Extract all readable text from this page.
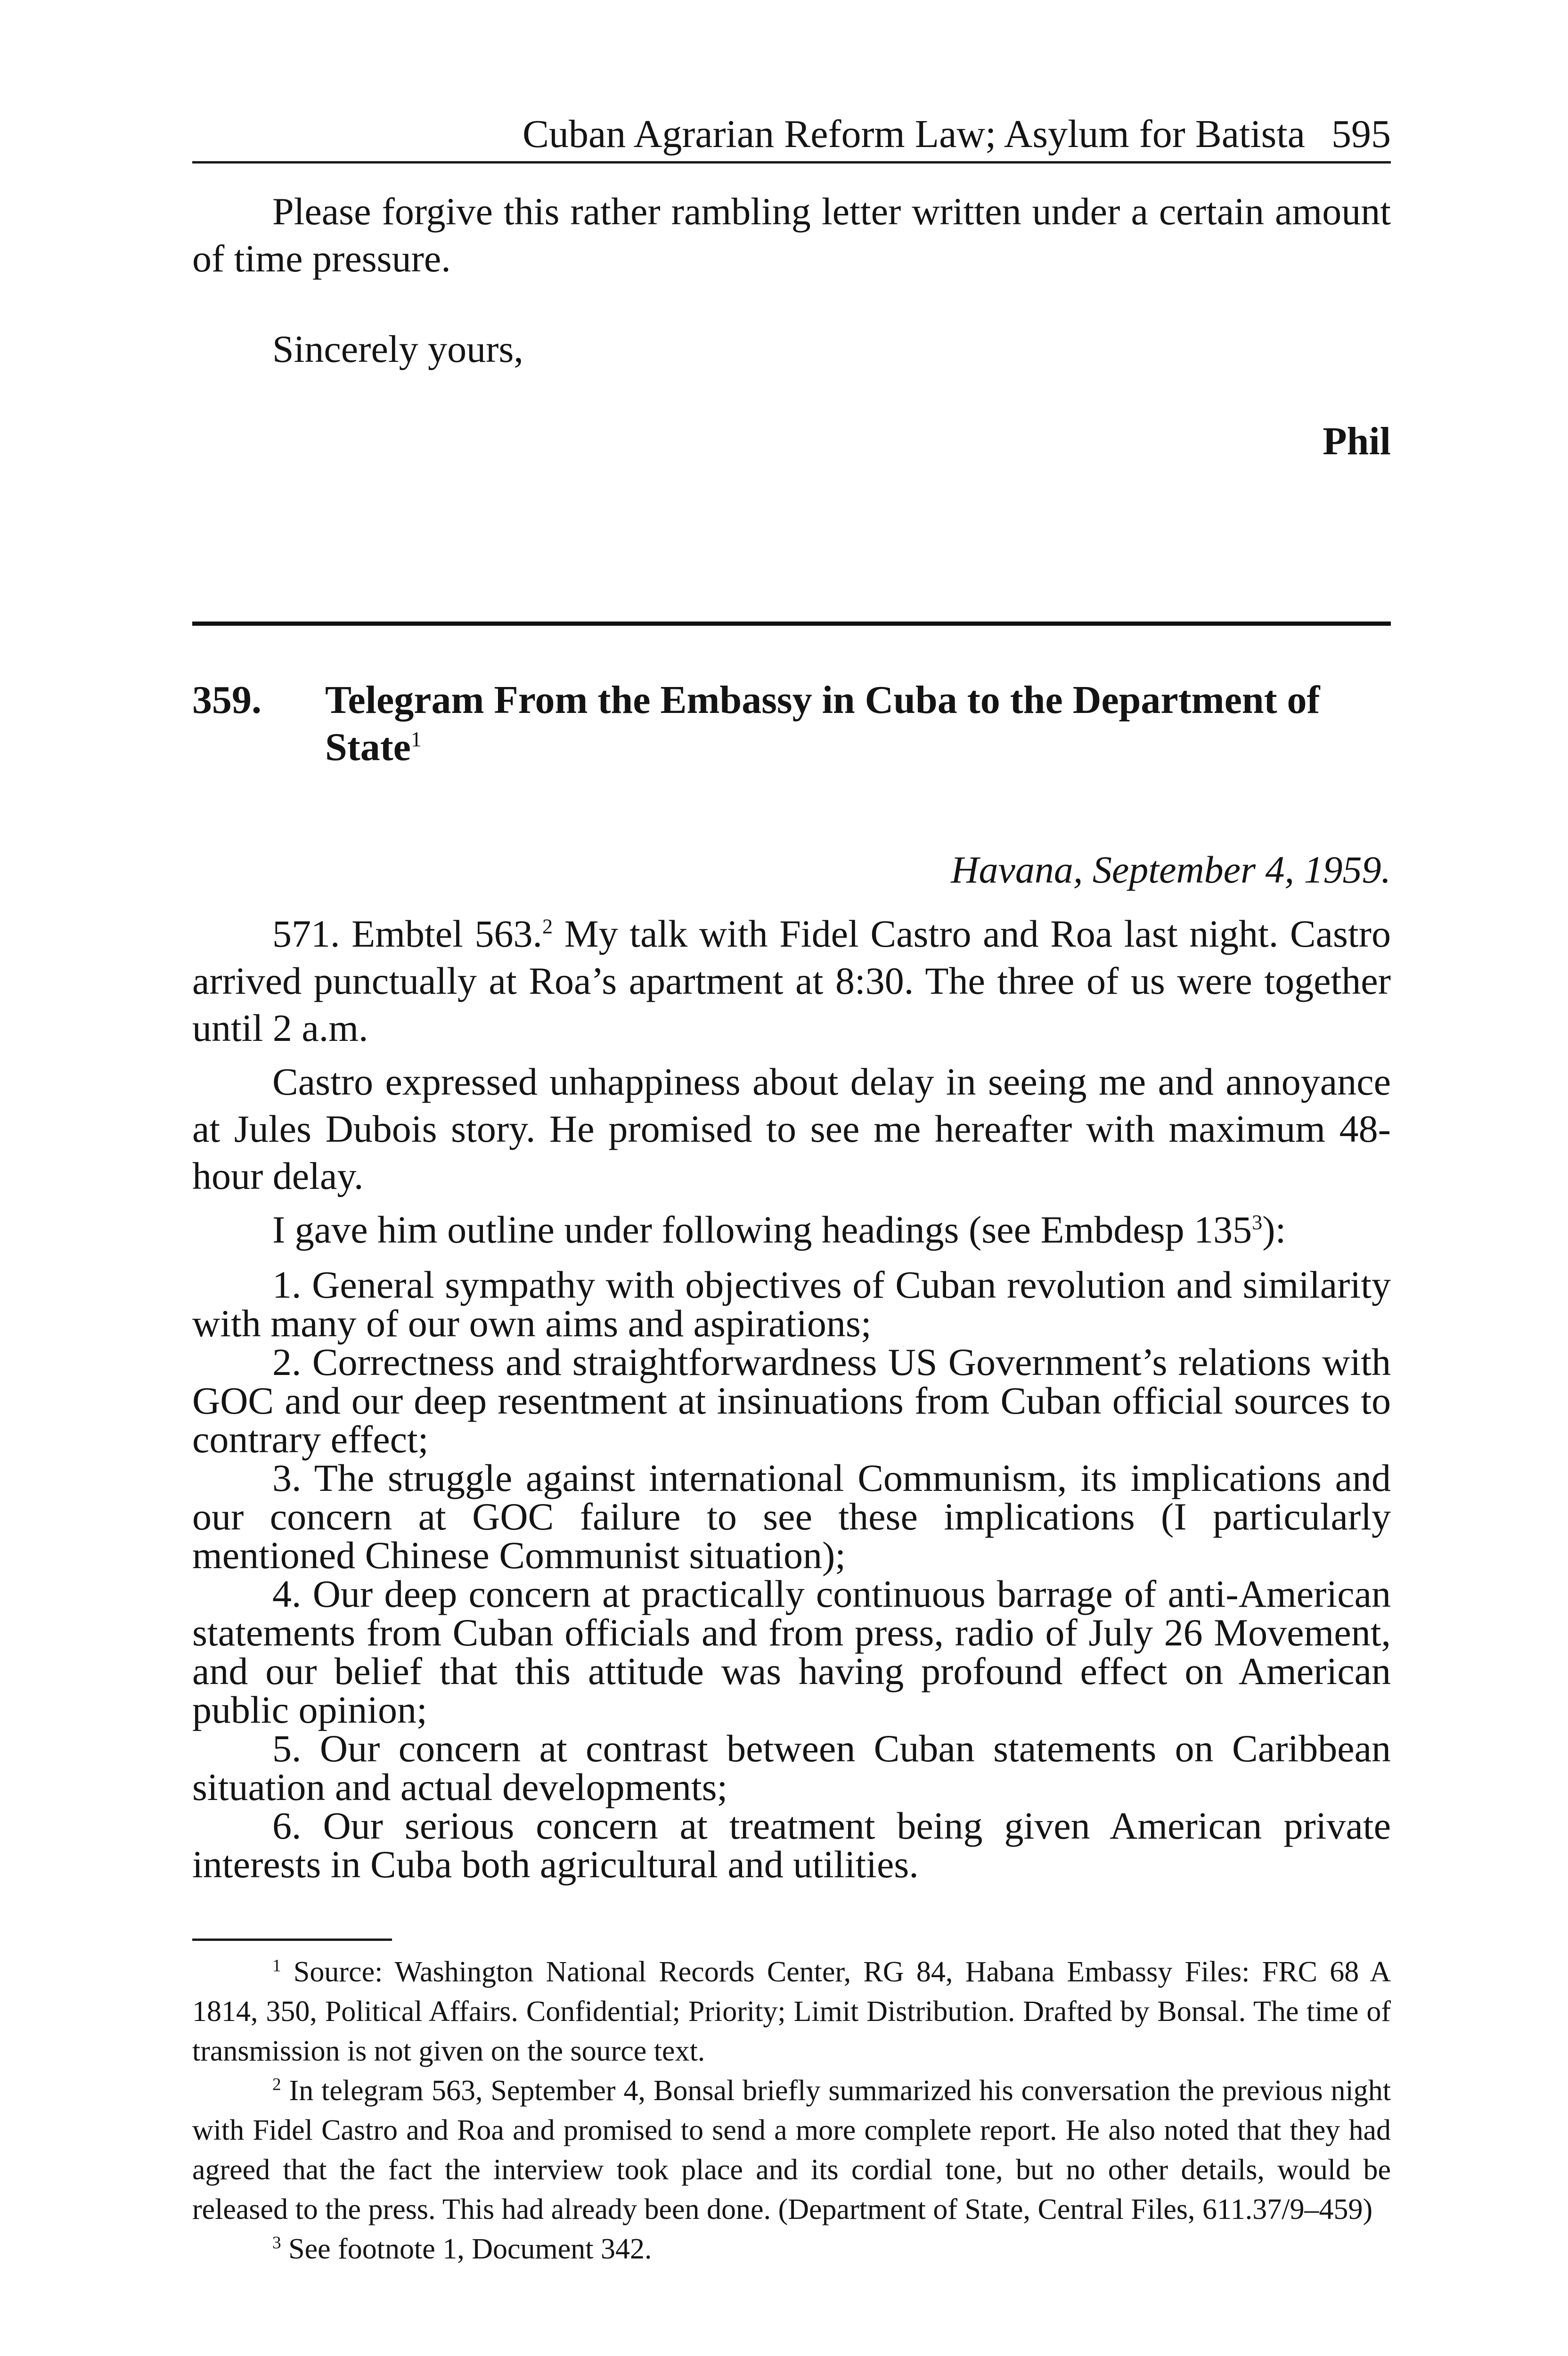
Cuban Agrarian Reform Law; Asylum for Batista 595

Please forgive this rather rambling letter written under a certain amount of time pressure.

Sincerely yours,

Phil

359.	Telegram From the Embassy in Cuba to the Department of State$^1$

Havana, September 4, 1959.

571. Embtel 563.$^2$ My talk with Fidel Castro and Roa last night. Castro arrived punctually at Roa’s apartment at 8:30. The three of us were together until 2 a.m.

Castro expressed unhappiness about delay in seeing me and annoyance at Jules Dubois story. He promised to see me hereafter with maximum 48-hour delay.

I gave him outline under following headings (see Embdesp $135^3$):

1. General sympathy with objectives of Cuban revolution and similarity with many of our own aims and aspirations;

2. Correctness and straightforwardness US Government’s relations with GOC and our deep resentment at insinuations from Cuban official sources to contrary effect;

3. The struggle against international Communism, its implications and our concern at GOC failure to see these implications (I particularly mentioned Chinese Communist situation);

4. Our deep concern at practically continuous barrage of anti-American statements from Cuban officials and from press, radio of July 26 Movement, and our belief that this attitude was having profound effect on American public opinion;

5. Our concern at contrast between Cuban statements on Caribbean situation and actual developments;

6. Our serious concern at treatment being given American private interests in Cuba both agricultural and utilities.

$^1$ Source: Washington National Records Center, RG 84, Habana Embassy Files: FRC 68 A 1814, 350, Political Affairs. Confidential; Priority; Limit Distribution. Drafted by Bonsal. The time of transmission is not given on the source text.

$^2$ In telegram 563, September 4, Bonsal briefly summarized his conversation the previous night with Fidel Castro and Roa and promised to send a more complete report. He also noted that they had agreed that the fact the interview took place and its cordial tone, but no other details, would be released to the press. This had already been done. (Department of State, Central Files, 611.37/9–459)

$^3$ See footnote 1, Document 342.
